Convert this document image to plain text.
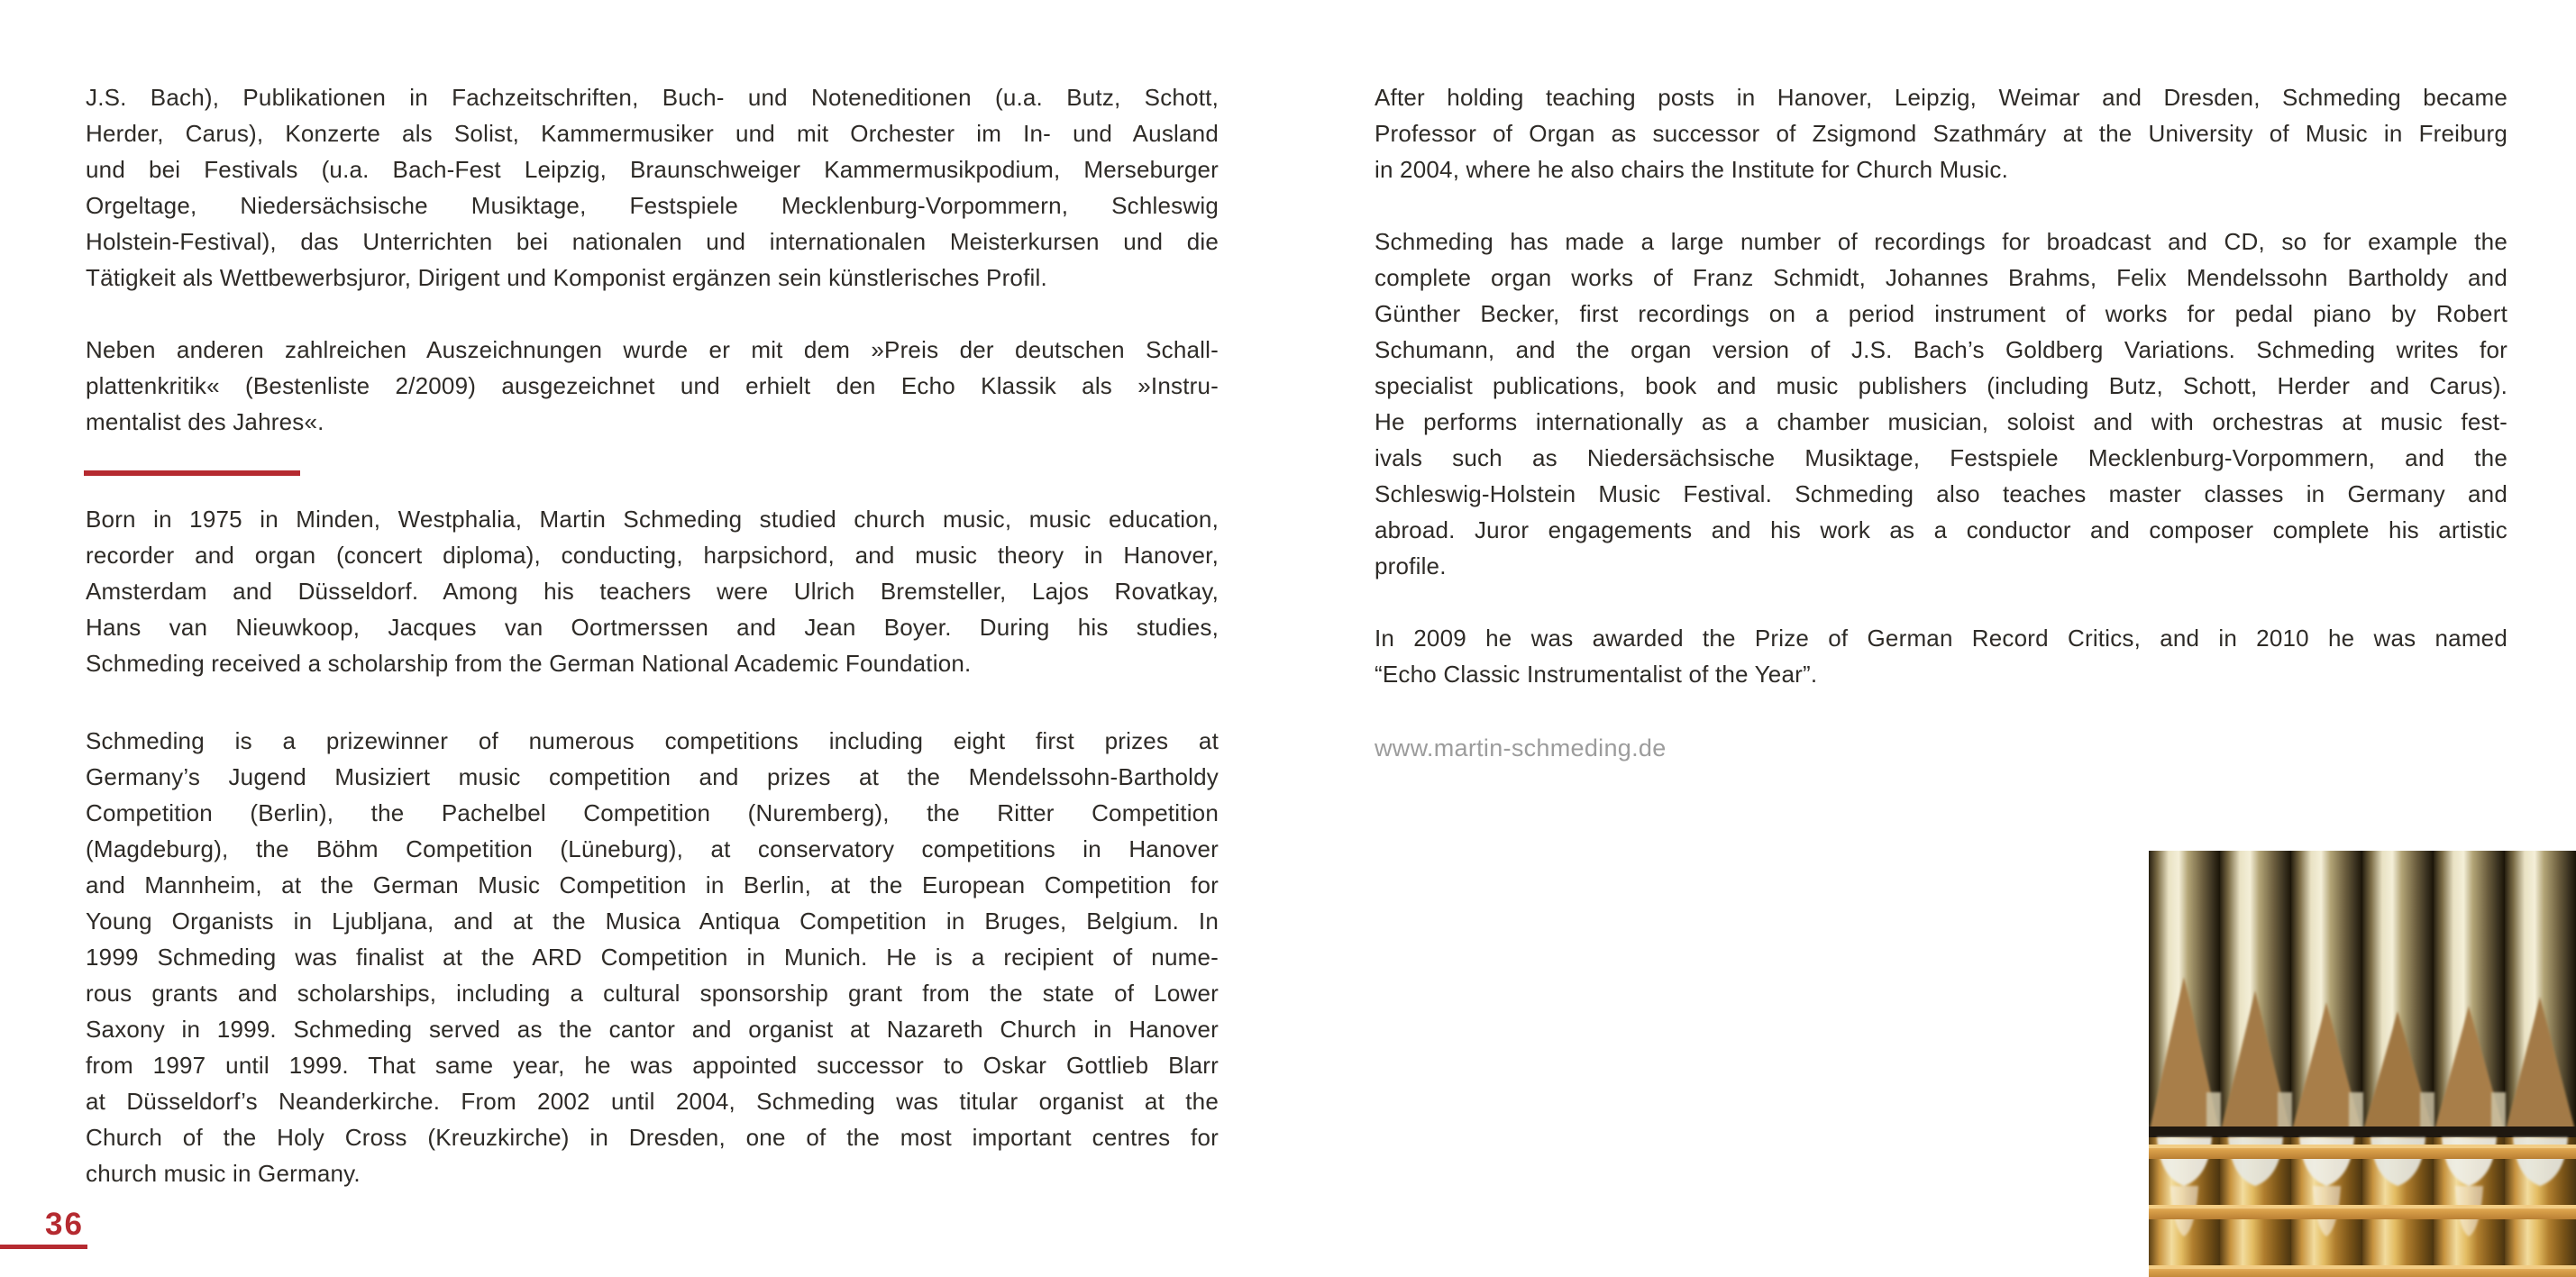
J.S. Bach), Publikationen in Fachzeitschriften, Buch- und Noteneditionen (u.a. Butz, Schott,
Herder, Carus), Konzerte als Solist, Kammermusiker und mit Orchester im In- und Ausland
und bei Festivals (u.a. Bach-Fest Leipzig, Braunschweiger Kammermusikpodium, Merseburger
Orgeltage, Niedersächsische Musiktage, Festspiele Mecklenburg-Vorpommern, Schleswig
Holstein-Festival), das Unterrichten bei nationalen und internationalen Meisterkursen und die
Tätigkeit als Wettbewerbsjuror, Dirigent und Komponist ergänzen sein künstlerisches Profil.
Neben anderen zahlreichen Auszeichnungen wurde er mit dem »Preis der deutschen Schall-
plattenkritik« (Bestenliste 2/2009) ausgezeichnet und erhielt den Echo Klassik als »Instru-
mentalist des Jahres«.
Born in 1975 in Minden, Westphalia, Martin Schmeding studied church music, music education,
recorder and organ (concert diploma), conducting, harpsichord, and music theory in Hanover,
Amsterdam and Düsseldorf. Among his teachers were Ulrich Bremsteller, Lajos Rovatkay,
Hans van Nieuwkoop, Jacques van Oortmerssen and Jean Boyer. During his studies,
Schmeding received a scholarship from the German National Academic Foundation.
Schmeding is a prizewinner of numerous competitions including eight first prizes at
Germany’s Jugend Musiziert music competition and prizes at the Mendelssohn-Bartholdy
Competition (Berlin), the Pachelbel Competition (Nuremberg), the Ritter Competition
(Magdeburg), the Böhm Competition (Lüneburg), at conservatory competitions in Hanover
and Mannheim, at the German Music Competition in Berlin, at the European Competition for
Young Organists in Ljubljana, and at the Musica Antiqua Competition in Bruges, Belgium. In
1999 Schmeding was finalist at the ARD Competition in Munich. He is a recipient of nume-
rous grants and scholarships, including a cultural sponsorship grant from the state of Lower
Saxony in 1999. Schmeding served as the cantor and organist at Nazareth Church in Hanover
from 1997 until 1999. That same year, he was appointed successor to Oskar Gottlieb Blarr
at Düsseldorf’s Neanderkirche. From 2002 until 2004, Schmeding was titular organist at the
Church of the Holy Cross (Kreuzkirche) in Dresden, one of the most important centres for
church music in Germany.
After holding teaching posts in Hanover, Leipzig, Weimar and Dresden, Schmeding became
Professor of Organ as successor of Zsigmond Szathmáry at the University of Music in Freiburg
in 2004, where he also chairs the Institute for Church Music.
Schmeding has made a large number of recordings for broadcast and CD, so for example the
complete organ works of Franz Schmidt, Johannes Brahms, Felix Mendelssohn Bartholdy and
Günther Becker, first recordings on a period instrument of works for pedal piano by Robert
Schumann, and the organ version of J.S. Bach’s Goldberg Variations. Schmeding writes for
specialist publications, book and music publishers (including Butz, Schott, Herder and Carus).
He performs internationally as a chamber musician, soloist and with orchestras at music fest-
ivals such as Niedersächsische Musiktage, Festspiele Mecklenburg-Vorpommern, and the
Schleswig-Holstein Music Festival. Schmeding also teaches master classes in Germany and
abroad. Juror engagements and his work as a conductor and composer complete his artistic
profile.
In 2009 he was awarded the Prize of German Record Critics, and in 2010 he was named
“Echo Classic Instrumentalist of the Year”.
www.martin-schmeding.de
36
